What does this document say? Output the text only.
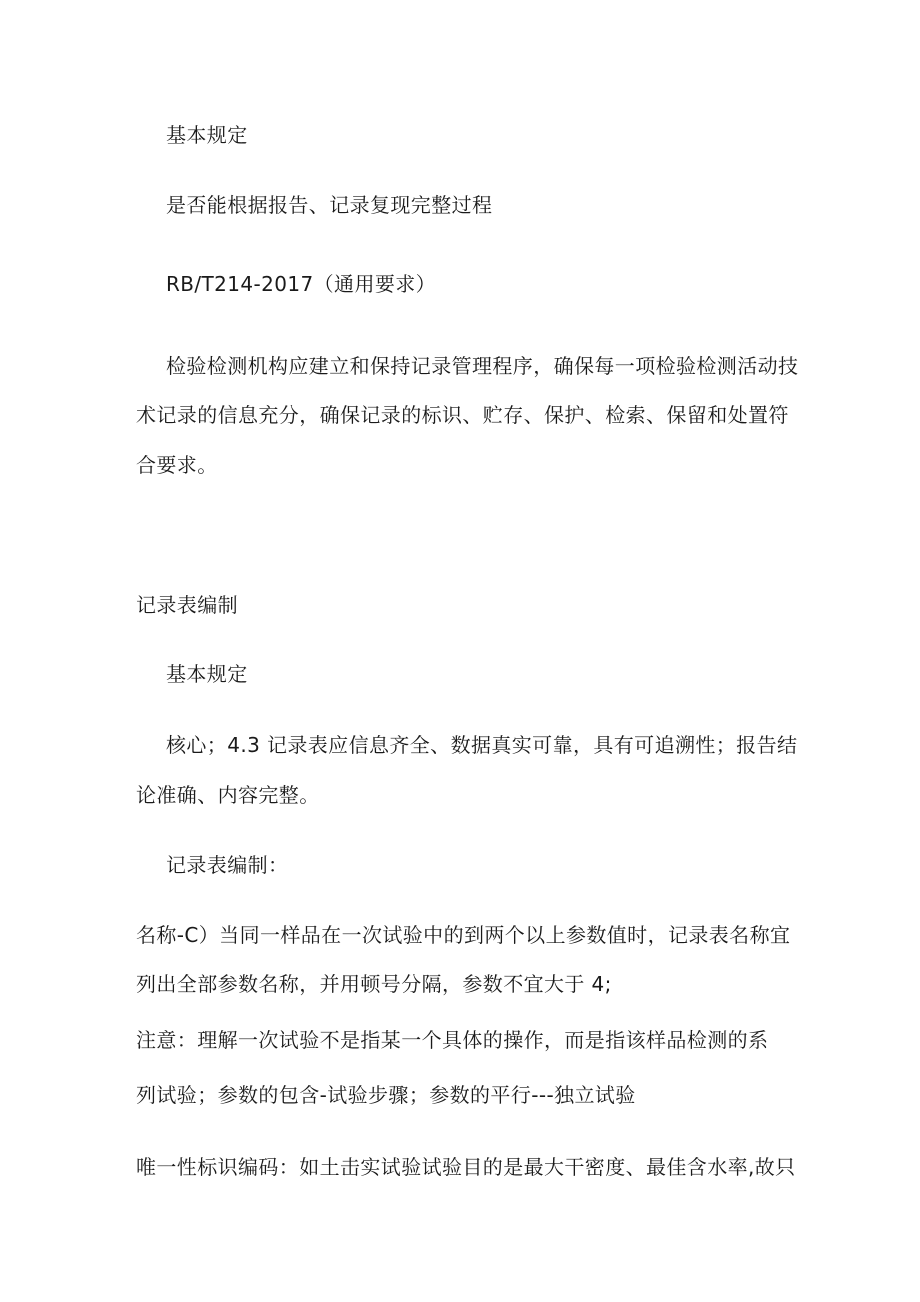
基本规定
是否能根据报告、记录复现完整过程
RB/T214-2017（通用要求）
检验检测机构应建立和保持记录管理程序，确保每一项检验检测活动技
术记录的信息充分，确保记录的标识、贮存、保护、检索、保留和处置符
合要求。
记录表编制
基本规定
核心；4.3 记录表应信息齐全、数据真实可靠，具有可追溯性；报告结
论准确、内容完整。
记录表编制：
名称-C）当同一样品在一次试验中的到两个以上参数值时，记录表名称宜
列出全部参数名称，并用顿号分隔，参数不宜大于 4;
注意：理解一次试验不是指某一个具体的操作，而是指该样品检测的系
列试验；参数的包含-试验步骤；参数的平行---独立试验
唯一性标识编码：如土击实试验试验目的是最大干密度、最佳含水率,故只
